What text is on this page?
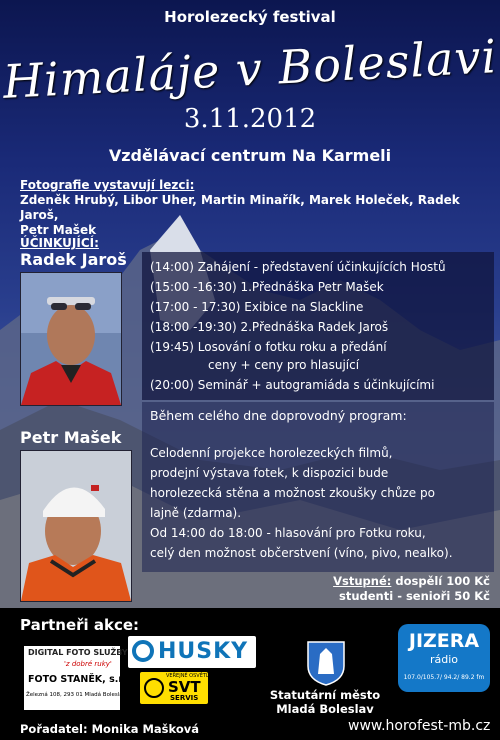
Horolezecký festival
Himaláje v Boleslavi
3.11.2012
Vzdělávací centrum Na Karmeli
Fotografie vystavují lezci:
Zdeněk Hrubý, Libor Uher, Martin Minařík, Marek Holeček, Radek Jaroš,
Petr Mašek
ÚČINKUJÍCÍ:
Radek Jaroš
Petr Mašek
(14:00) Zahájení - představení účinkujících Hostů
(15:00 -16:30) 1.Přednáška Petr Mašek
(17:00 - 17:30) Exibice na Slackline
(18:00 -19:30) 2.Přednáška Radek Jaroš
(19:45) Losování o fotku roku a předání
ceny + ceny pro hlasující
(20:00) Seminář + autogramiáda s účinkujícími
Během celého dne doprovodný program:
Celodenní projekce horolezeckých filmů,
prodejní výstava fotek, k dispozici bude
horolezecká stěna a možnost zkoušky chůze po
lajně (zdarma).
Od 14:00 do 18:00 - hlasování pro Fotku roku,
celý den možnost občerstvení (víno, pivo, nealko).
Vstupné: dospělí 100 Kč
studenti - senioři 50 Kč
Partneři akce:
DIGITAL FOTO SLUŽBY
'z dobré ruky'
FOTO STANĚK, s.r.o.
Železná 108, 293 01 Mladá Boleslav
HUSKY
VEŘEJNÉ OSVĚTLENÍ
SVT
SERVIS	Statutární město
Mladá Boleslav
JIZERA
rádio
107.0/105.7/ 94.2/ 89.2 fm
Pořadatel: Monika Mašková	www.horofest-mb.cz
